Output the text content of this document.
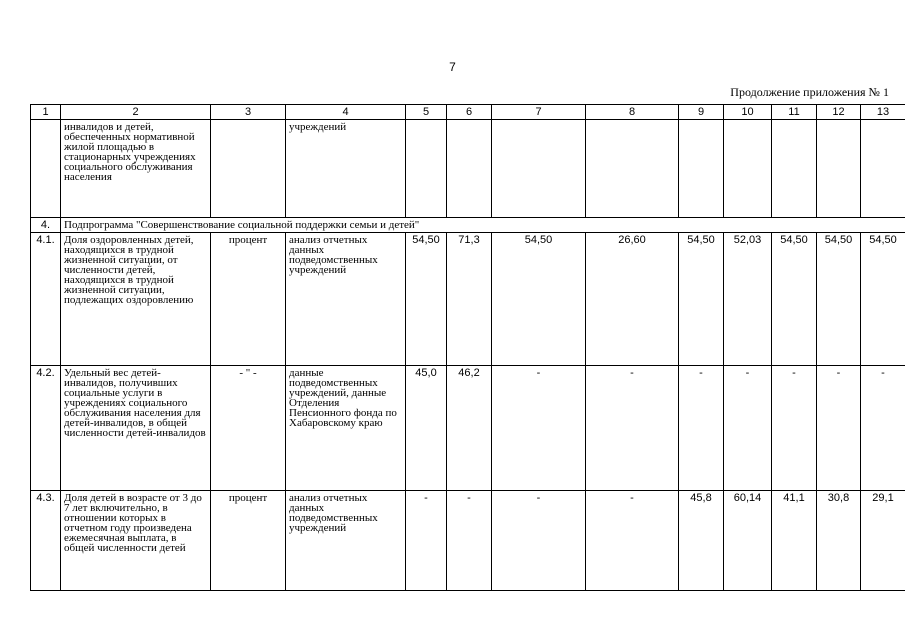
7
Продолжение приложения № 1
1	2	3	4	5	6	7	8	9	10	11	12	13
	инвалидов и детей, обеспеченных нормативной жилой площадью в стационарных учреждениях социального обслуживания населения		учреждений									
4.	Подпрограмма "Совершенствование социальной поддержки семьи и детей"											
4.1.	Доля оздоровленных детей, находящихся в трудной жизненной ситуации, от численности детей, находящихся в трудной жизненной ситуации, подлежащих оздоровлению	процент	анализ отчетных данных подведомственных учреждений	54,50	71,3	54,50	26,60	54,50	52,03	54,50	54,50	54,50
4.2.	Удельный вес детей-инвалидов, получивших социальные услуги в учреждениях социального обслуживания населения для детей-инвалидов, в общей численности детей-инвалидов	- " -	данные подведомственных учреждений, данные Отделения Пенсионного фонда по Хабаровскому краю	45,0	46,2	-	-	-	-	-	-	-
4.3.	Доля детей в возрасте от 3 до 7 лет включительно, в отношении которых в отчетном году произведена ежемесячная выплата, в общей численности детей	процент	анализ отчетных данных подведомственных учреждений	-	-	-	-	45,8	60,14	41,1	30,8	29,1
